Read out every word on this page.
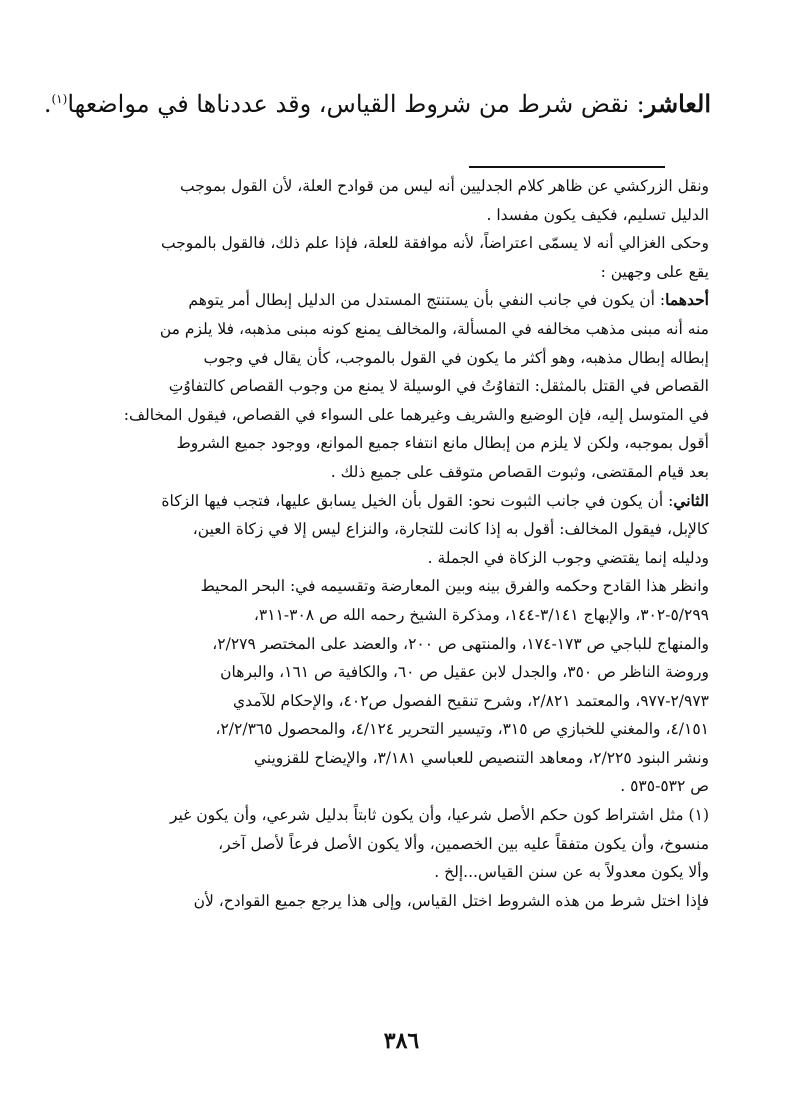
العاشر: نقض شرط من شروط القياس، وقد عددناها في مواضعها$^{(١)}$.
ونقل الزركشي عن ظاهر كلام الجدليين أنه ليس من قوادح العلة، لأن القول بموجب
الدليل تسليم، فكيف يكون مفسدا .
وحكى الغزالي أنه لا يسمّى اعتراضاً، لأنه موافقة للعلة، فإذا علم ذلك، فالقول بالموجب
يقع على وجهين :
أحدهما: أن يكون في جانب النفي بأن يستنتج المستدل من الدليل إبطال أمر يتوهم
منه أنه مبنى مذهب مخالفه في المسألة، والمخالف يمنع كونه مبنى مذهبه، فلا يلزم من
إبطاله إبطال مذهبه، وهو أكثر ما يكون في القول بالموجب، كأن يقال في وجوب
القصاص في القتل بالمثقل: التفاوُتُ في الوسيلة لا يمنع من وجوب القصاص كالتفاوُتِ
في المتوسل إليه، فإن الوضيع والشريف وغيرهما على السواء في القصاص، فيقول المخالف:
أقول بموجبه، ولكن لا يلزم من إبطال مانع انتفاء جميع الموانع، ووجود جميع الشروط
بعد قيام المقتضى، وثبوت القصاص متوقف على جميع ذلك .
الثاني: أن يكون في جانب الثبوت نحو: القول بأن الخيل يسابق عليها، فتجب فيها الزكاة
كالإبل، فيقول المخالف: أقول به إذا كانت للتجارة، والنزاع ليس إلا في زكاة العين،
ودليله إنما يقتضي وجوب الزكاة في الجملة .
وانظر هذا القادح وحكمه والفرق بينه وبين المعارضة وتقسيمه في: البحر المحيط
٥/٢٩٩-٣٠٢، والإبهاج ٣/١٤١-١٤٤، ومذكرة الشيخ رحمه الله ص ٣٠٨-٣١١،
والمنهاج للباجي ص ١٧٣-١٧٤، والمنتهى ص ٢٠٠، والعضد على المختصر ٢/٢٧٩،
وروضة الناظر ص ٣٥٠، والجدل لابن عقيل ص ٦٠، والكافية ص ١٦١، والبرهان
٢/٩٧٣-٩٧٧، والمعتمد ٢/٨٢١، وشرح تنقيح الفصول ص٤٠٢، والإحكام للآمدي
٤/١٥١، والمغني للخبازي ص ٣١٥، وتيسير التحرير ٤/١٢٤، والمحصول ٢/٢/٣٦٥،
ونشر البنود ٢/٢٢٥، ومعاهد التنصيص للعباسي ٣/١٨١، والإيضاح للقزويني
ص ٥٣٢-٥٣٥ .
(١) مثل اشتراط كون حكم الأصل شرعيا، وأن يكون ثابتاً بدليل شرعي، وأن يكون غير
منسوخ، وأن يكون متفقاً عليه بين الخصمين، وألا يكون الأصل فرعاً لأصل آخر،
وألا يكون معدولاً به عن سنن القياس...إلخ .
فإذا اختل شرط من هذه الشروط اختل القياس، وإلى هذا يرجع جميع القوادح، لأن
٣٨٦
